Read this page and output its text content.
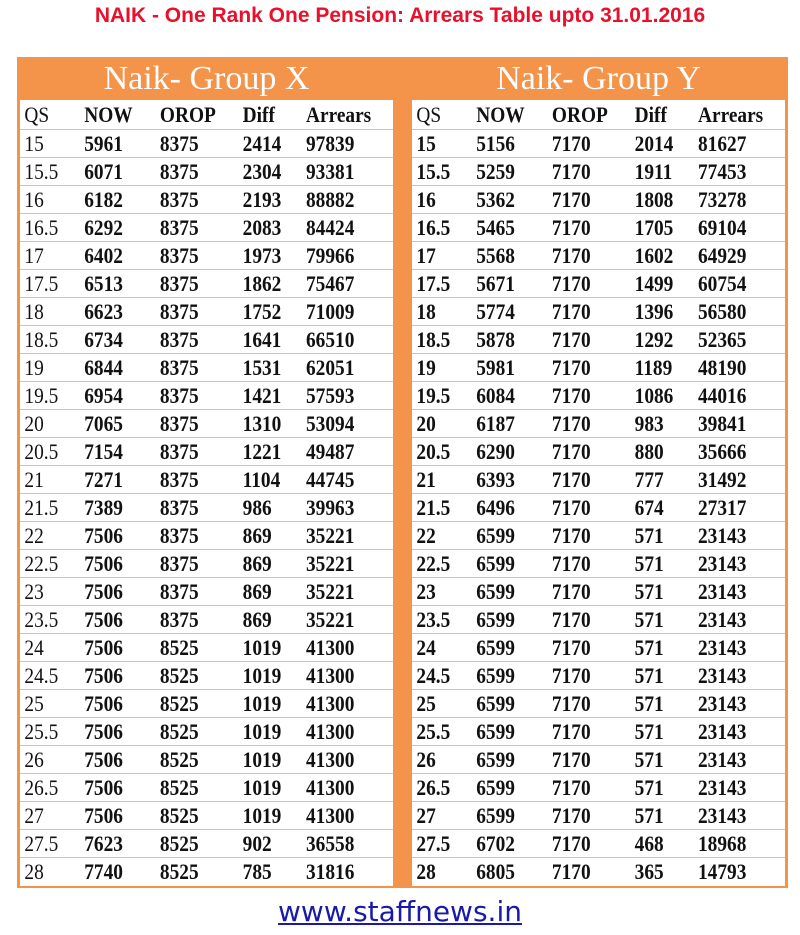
NAIK - One Rank One Pension: Arrears Table upto 31.01.2016
Naik- Group X	Naik- Group Y
QS NOW OROP Diff Arrears
15 5961 8375 2414 97839
15.5 6071 8375 2304 93381
16 6182 8375 2193 88882
16.5 6292 8375 2083 84424
17 6402 8375 1973 79966
17.5 6513 8375 1862 75467
18 6623 8375 1752 71009
18.5 6734 8375 1641 66510
19 6844 8375 1531 62051
19.5 6954 8375 1421 57593
20 7065 8375 1310 53094
20.5 7154 8375 1221 49487
21 7271 8375 1104 44745
21.5 7389 8375 986 39963
22 7506 8375 869 35221
22.5 7506 8375 869 35221
23 7506 8375 869 35221
23.5 7506 8375 869 35221
24 7506 8525 1019 41300
24.5 7506 8525 1019 41300
25 7506 8525 1019 41300
25.5 7506 8525 1019 41300
26 7506 8525 1019 41300
26.5 7506 8525 1019 41300
27 7506 8525 1019 41300
27.5 7623 8525 902 36558
28 7740 8525 785 31816
QS NOW OROP Diff Arrears
15 5156 7170 2014 81627
15.5 5259 7170 1911 77453
16 5362 7170 1808 73278
16.5 5465 7170 1705 69104
17 5568 7170 1602 64929
17.5 5671 7170 1499 60754
18 5774 7170 1396 56580
18.5 5878 7170 1292 52365
19 5981 7170 1189 48190
19.5 6084 7170 1086 44016
20 6187 7170 983 39841
20.5 6290 7170 880 35666
21 6393 7170 777 31492
21.5 6496 7170 674 27317
22 6599 7170 571 23143
22.5 6599 7170 571 23143
23 6599 7170 571 23143
23.5 6599 7170 571 23143
24 6599 7170 571 23143
24.5 6599 7170 571 23143
25 6599 7170 571 23143
25.5 6599 7170 571 23143
26 6599 7170 571 23143
26.5 6599 7170 571 23143
27 6599 7170 571 23143
27.5 6702 7170 468 18968
28 6805 7170 365 14793
www.staffnews.in
